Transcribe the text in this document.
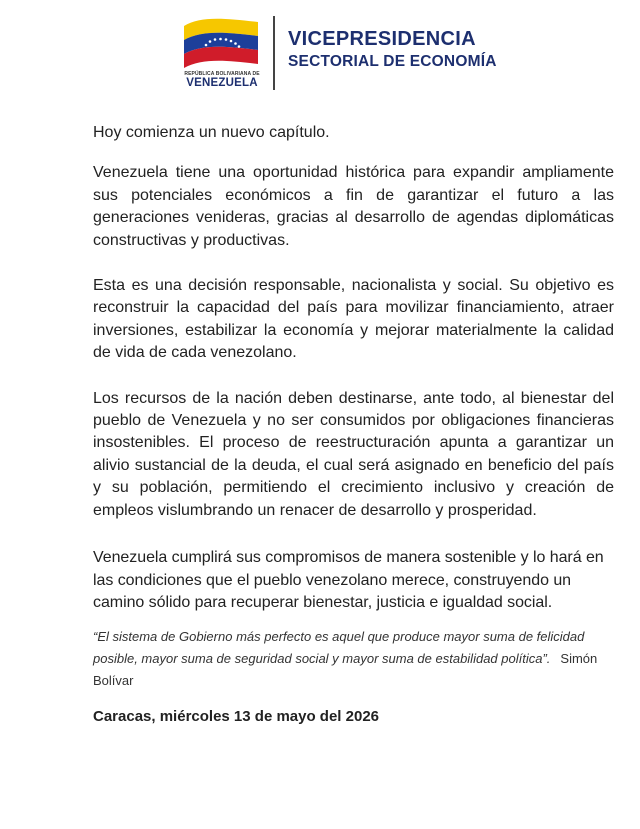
REPÚBLICA BOLIVARIANA DE
VENEZUELA
VICEPRESIDENCIA
SECTORIAL DE ECONOMÍA

Hoy comienza un nuevo capítulo.

Venezuela tiene una oportunidad histórica para expandir ampliamente sus potenciales económicos a fin de garantizar el futuro a las generaciones venideras, gracias al desarrollo de agendas diplomáticas constructivas y productivas.

Esta es una decisión responsable, nacionalista y social. Su objetivo es reconstruir la capacidad del país para movilizar financiamiento, atraer inversiones, estabilizar la economía y mejorar materialmente la calidad de vida de cada venezolano.

Los recursos de la nación deben destinarse, ante todo, al bienestar del pueblo de Venezuela y no ser consumidos por obligaciones financieras insostenibles. El proceso de reestructuración apunta a garantizar un alivio sustancial de la deuda, el cual será asignado en beneficio del país y su población, permitiendo el crecimiento inclusivo y creación de empleos vislumbrando un renacer de desarrollo y prosperidad.

Venezuela cumplirá sus compromisos de manera sostenible y lo hará en las condiciones que el pueblo venezolano merece, construyendo un camino sólido para recuperar bienestar, justicia e igualdad social.

“El sistema de Gobierno más perfecto es aquel que produce mayor suma de felicidad posible, mayor suma de seguridad social y mayor suma de estabilidad política”. Simón Bolívar

Caracas, miércoles 13 de mayo del 2026
